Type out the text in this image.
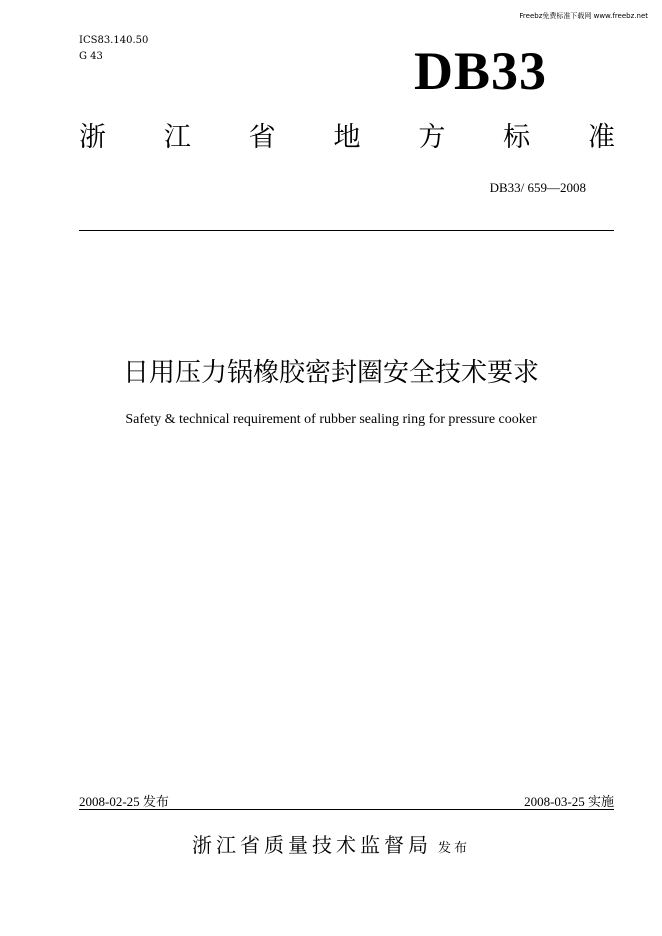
Freebz免费标准下载网 www.freebz.net
ICS83.140.50
G 43	DB33
浙 江 省 地 方 标 准
DB33/ 659—2008
日用压力锅橡胶密封圈安全技术要求
Safety & technical requirement of rubber sealing ring for pressure cooker
2008-02-25 发布	2008-03-25 实施
浙江省质量技术监督局 发布
